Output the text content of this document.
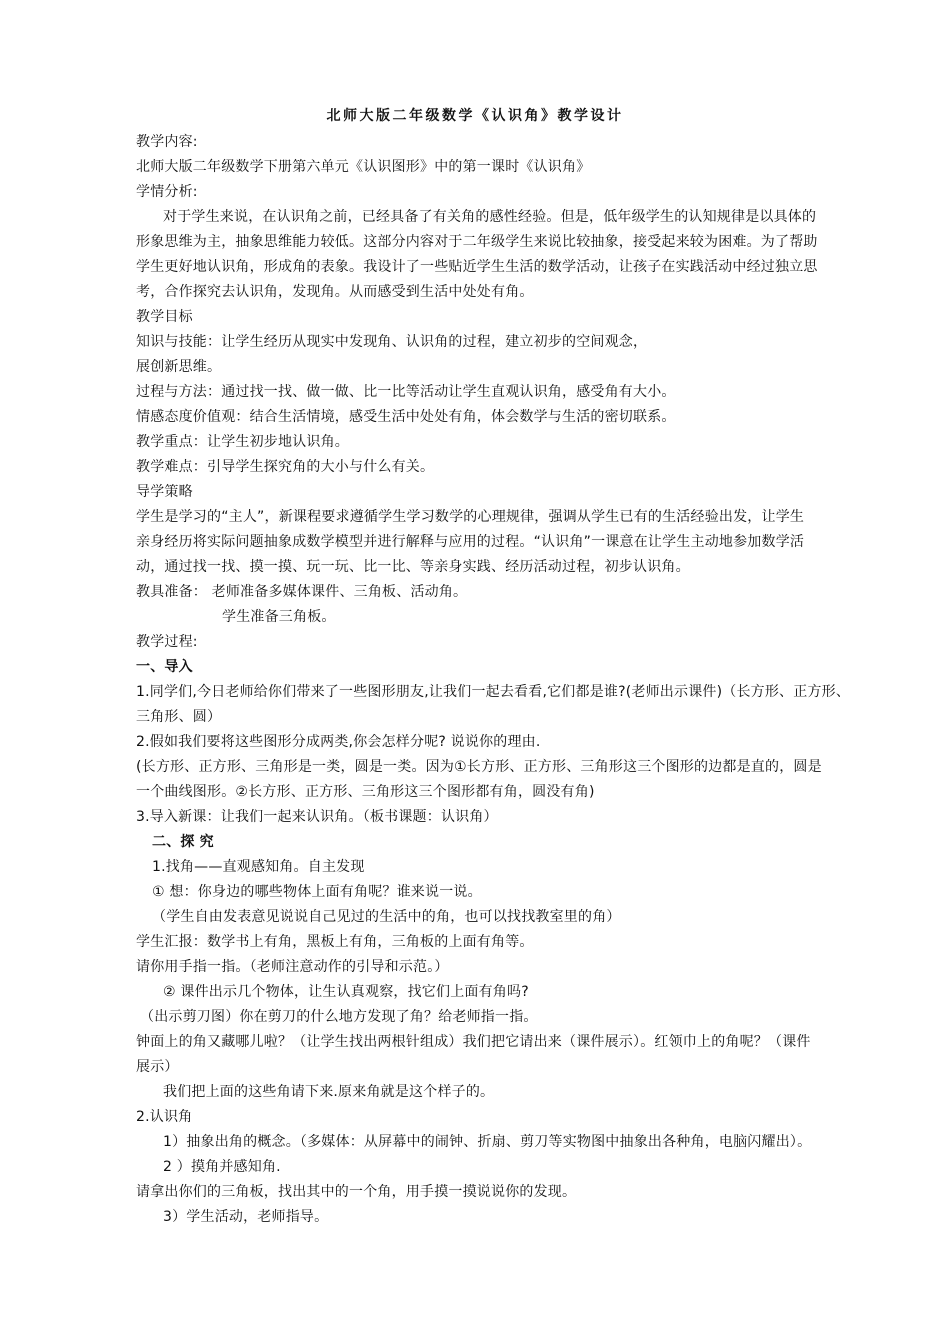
北师大版二年级数学《认识角》教学设计
教学内容:
北师大版二年级数学下册第六单元《认识图形》中的第一课时《认识角》
学情分析:
对于学生来说，在认识角之前，已经具备了有关角的感性经验。但是，低年级学生的认知规律是以具体的
形象思维为主，抽象思维能力较低。这部分内容对于二年级学生来说比较抽象，接受起来较为困难。为了帮助
学生更好地认识角，形成角的表象。我设计了一些贴近学生生活的数学活动，让孩子在实践活动中经过独立思
考，合作探究去认识角，发现角。从而感受到生活中处处有角。
教学目标
知识与技能：让学生经历从现实中发现角、认识角的过程，建立初步的空间观念，
展创新思维。
过程与方法：通过找一找、做一做、比一比等活动让学生直观认识角，感受角有大小。
情感态度价值观：结合生活情境，感受生活中处处有角，体会数学与生活的密切联系。
教学重点：让学生初步地认识角。
教学难点：引导学生探究角的大小与什么有关。
导学策略
学生是学习的“主人”，新课程要求遵循学生学习数学的心理规律，强调从学生已有的生活经验出发，让学生
亲身经历将实际问题抽象成数学模型并进行解释与应用的过程。“认识角”一课意在让学生主动地参加数学活
动，通过找一找、摸一摸、玩一玩、比一比、等亲身实践、经历活动过程，初步认识角。
教具准备： 老师准备多媒体课件、三角板、活动角。
学生准备三角板。
教学过程:
一、导入
1.同学们,今日老师给你们带来了一些图形朋友,让我们一起去看看,它们都是谁?(老师出示课件)（长方形、正方形、
三角形、圆）
2.假如我们要将这些图形分成两类,你会怎样分呢? 说说你的理由.
(长方形、正方形、三角形是一类，圆是一类。因为①长方形、正方形、三角形这三个图形的边都是直的，圆是
一个曲线图形。②长方形、正方形、三角形这三个图形都有角，圆没有角)
3.导入新课：让我们一起来认识角。（板书课题：认识角）
二、探 究
1.找角——直观感知角。自主发现
① 想：你身边的哪些物体上面有角呢？谁来说一说。
（学生自由发表意见说说自己见过的生活中的角，也可以找找教室里的角）
学生汇报：数学书上有角，黑板上有角，三角板的上面有角等。
请你用手指一指。（老师注意动作的引导和示范。）
② 课件出示几个物体，让生认真观察，找它们上面有角吗?
（出示剪刀图）你在剪刀的什么地方发现了角？给老师指一指。
钟面上的角又藏哪儿啦？（让学生找出两根针组成）我们把它请出来（课件展示）。红领巾上的角呢？（课件
展示）
我们把上面的这些角请下来.原来角就是这个样子的。
2.认识角
1）抽象出角的概念。（多媒体：从屏幕中的闹钟、折扇、剪刀等实物图中抽象出各种角，电脑闪耀出）。
2 ）摸角并感知角.
请拿出你们的三角板，找出其中的一个角，用手摸一摸说说你的发现。
3）学生活动，老师指导。
